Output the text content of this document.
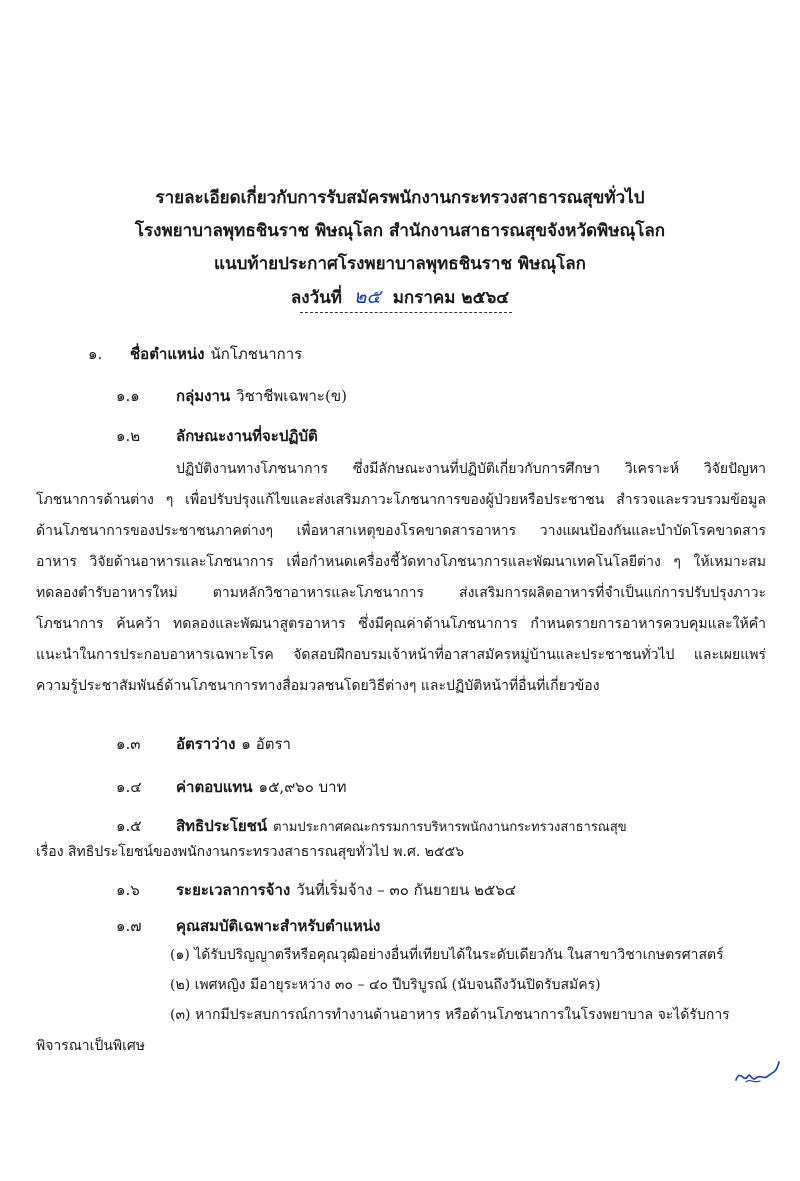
รายละเอียดเกี่ยวกับการรับสมัครพนักงานกระทรวงสาธารณสุขทั่วไป
โรงพยาบาลพุทธชินราช พิษณุโลก สำนักงานสาธารณสุขจังหวัดพิษณุโลก
แนบท้ายประกาศโรงพยาบาลพุทธชินราช พิษณุโลก
ลงวันที่ ๒๕ มกราคม ๒๕๖๔
๑. ชื่อตำแหน่ง นักโภชนาการ
๑.๑ กลุ่มงาน วิชาชีพเฉพาะ(ข)
๑.๒ ลักษณะงานที่จะปฏิบัติ
ปฏิบัติงานทางโภชนาการ ซึ่งมีลักษณะงานที่ปฏิบัติเกี่ยวกับการศึกษา วิเคราะห์ วิจัยปัญหาโภชนาการด้านต่าง ๆ เพื่อปรับปรุงแก้ไขและส่งเสริมภาวะโภชนาการของผู้ป่วยหรือประชาชน สำรวจและรวบรวมข้อมูลด้านโภชนาการของประชาชนภาคต่างๆ เพื่อหาสาเหตุของโรคขาดสารอาหาร วางแผนป้องกันและบำบัดโรคขาดสารอาหาร วิจัยด้านอาหารและโภชนาการ เพื่อกำหนดเครื่องชี้วัดทางโภชนาการและพัฒนาเทคโนโลยีต่าง ๆ ให้เหมาะสม ทดลองตำรับอาหารใหม่ ตามหลักวิชาอาหารและโภชนาการ ส่งเสริมการผลิตอาหารที่จำเป็นแก่การปรับปรุงภาวะโภชนาการ ค้นคว้า ทดลองและพัฒนาสูตรอาหาร ซึ่งมีคุณค่าด้านโภชนาการ กำหนดรายการอาหารควบคุมและให้คำแนะนำในการประกอบอาหารเฉพาะโรค จัดสอบฝึกอบรมเจ้าหน้าที่อาสาสมัครหมู่บ้านและประชาชนทั่วไป และเผยแพร่ความรู้ประชาสัมพันธ์ด้านโภชนาการทางสื่อมวลชนโดยวิธีต่างๆ และปฏิบัติหน้าที่อื่นที่เกี่ยวข้อง
๑.๓ อัตราว่าง ๑ อัตรา
๑.๔ ค่าตอบแทน ๑๕,๙๖๐ บาท
๑.๕ สิทธิประโยชน์ ตามประกาศคณะกรรมการบริหารพนักงานกระทรวงสาธารณสุข
เรื่อง สิทธิประโยชน์ของพนักงานกระทรวงสาธารณสุขทั่วไป พ.ศ. ๒๕๕๖
๑.๖ ระยะเวลาการจ้าง วันที่เริ่มจ้าง – ๓๐ กันยายน ๒๕๖๔
๑.๗ คุณสมบัติเฉพาะสำหรับตำแหน่ง
(๑) ได้รับปริญญาตรีหรือคุณวุฒิอย่างอื่นที่เทียบได้ในระดับเดียวกัน ในสาขาวิชาเกษตรศาสตร์
(๒) เพศหญิง มีอายุระหว่าง ๓๐ – ๔๐ ปีบริบูรณ์ (นับจนถึงวันปิดรับสมัคร)
(๓) หากมีประสบการณ์การทำงานด้านอาหาร หรือด้านโภชนาการในโรงพยาบาล จะได้รับการพิจารณาเป็นพิเศษ
